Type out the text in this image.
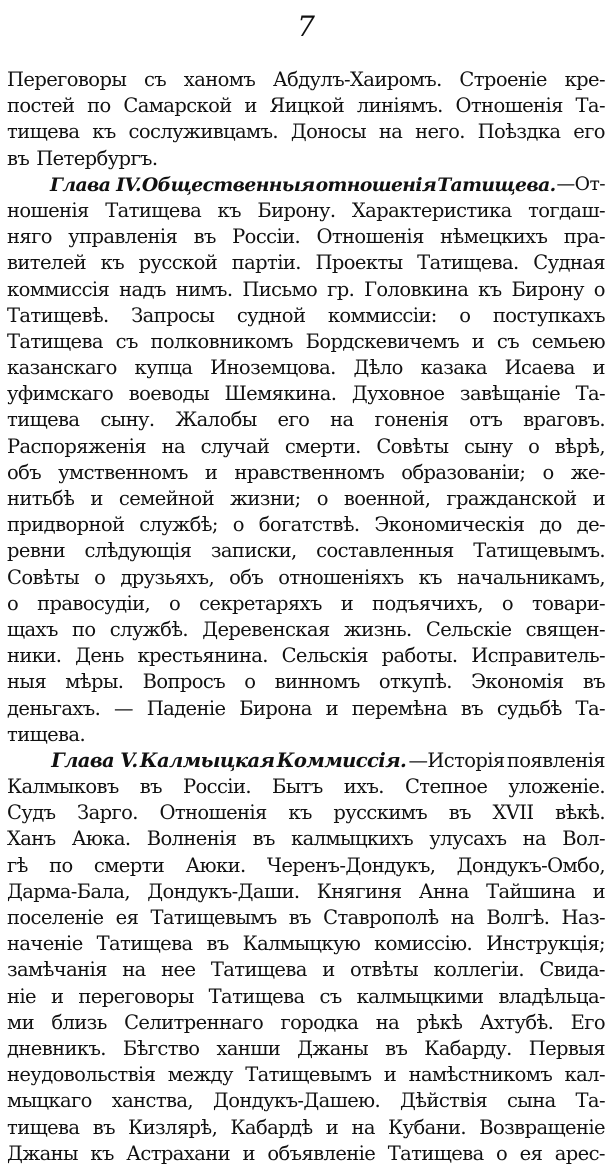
7
Переговоры съ ханомъ Абдулъ-Хаиромъ. Строеніе кре-
постей по Самарской и Яицкой линіямъ. Отношенія Та-
тищева къ сослуживцамъ. Доносы на него. Поѣздка его
въ Петербургъ.
Глава IV. Общественныя отношенія Татищева. —От-
ношенія Татищева къ Бирону. Характеристика тогдаш-
няго управленія въ Россіи. Отношенія нѣмецкихъ пра-
вителей къ русской партіи. Проекты Татищева. Судная
коммиссія надъ нимъ. Письмо гр. Головкина къ Бирону о
Татищевѣ. Запросы судной коммиссіи: о поступкахъ
Татищева съ полковникомъ Бордскевичемъ и съ семьею
казанскаго купца Иноземцова. Дѣло казака Исаева и
уфимскаго воеводы Шемякина. Духовное завѣщаніе Та-
тищева сыну. Жалобы его на гоненія отъ враговъ.
Распоряженія на случай смерти. Совѣты сыну о вѣрѣ,
объ умственномъ и нравственномъ образованіи; о же-
нитьбѣ и семейной жизни; о военной, гражданской и
придворной службѣ; о богатствѣ. Экономическія до де-
ревни слѣдующія записки, составленныя Татищевымъ.
Совѣты о друзьяхъ, объ отношеніяхъ къ начальникамъ,
о правосудіи, о секретаряхъ и подъячихъ, о товари-
щахъ по службѣ. Деревенская жизнь. Сельскіе священ-
ники. День крестьянина. Сельскія работы. Исправитель-
ныя мѣры. Вопросъ о винномъ откупѣ. Экономія въ
деньгахъ. — Паденіе Бирона и перемѣна въ судьбѣ Та-
тищева.
Глава V. Калмыцкая Коммиссія. —Исторія появленія
Калмыковъ въ Россіи. Бытъ ихъ. Степное уложеніе.
Судъ Зарго. Отношенія къ русскимъ въ XVII вѣкѣ.
Ханъ Аюка. Волненія въ калмыцкихъ улусахъ на Вол-
гѣ по смерти Аюки. Черенъ-Дондукъ, Дондукъ-Омбо,
Дарма-Бала, Дондукъ-Даши. Княгиня Анна Тайшина и
поселеніе ея Татищевымъ въ Ставрополѣ на Волгѣ. Наз-
наченіе Татищева въ Калмыцкую комиссію. Инструкція;
замѣчанія на нее Татищева и отвѣты коллегіи. Свида-
ніе и переговоры Татищева съ калмыцкими владѣльца-
ми близь Селитреннаго городка на рѣкѣ Ахтубѣ. Его
дневникъ. Бѣгство ханши Джаны въ Кабарду. Первыя
неудовольствія между Татищевымъ и намѣстникомъ кал-
мыцкаго ханства, Дондукъ-Дашею. Дѣйствія сына Та-
тищева въ Кизлярѣ, Кабардѣ и на Кубани. Возвращеніе
Джаны къ Астрахани и объявленіе Татищева о ея арес-
